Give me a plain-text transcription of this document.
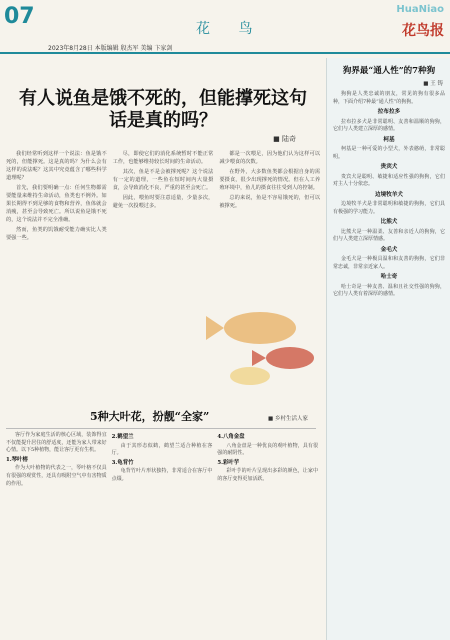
07
2023年8月28日 本版编辑 殷杰军 美编 卞家剑
花 鸟
HuaNiao
花鸟报
有人说鱼是饿不死的，但能撑死这句话是真的吗？
■ 陆奇

我们经常听到这样一个说法：鱼是饿不死的，但能撑死。这是真的吗？为什么会有这样的说法呢？这其中究竟蕴含了哪些科学道理呢？

首先，我们要明确一点：任何生物都需要能量来维持生命活动，鱼类也不例外。如果长期得不到足够的食物和营养，鱼体就会消瘦，甚至会导致死亡。所以说鱼是饿不死的，这个说法并不完全准确。

然而，鱼类的饥饿耐受能力确实比人类要强一些。

尽，即使它们的消化系统暂时不能正常工作，也能够维持较长时间的生命活动。

其次，鱼是不是会被撑死呢？这个说法有一定的道理，一些鱼在短时间内大量摄食，会导致消化不良，严重的甚至会死亡。

因此，喂鱼时要注意适量，少量多次，避免一次投喂过多。

都是一次喂足，因为他们认为这样可以减少喂食的次数。

在野外，大多数鱼类都会根据自身的需要摄食，很少出现撑死的情况。但在人工养殖环境中，鱼儿的摄食往往受到人的控制。

总的来说，鱼是不容易饿死的，但可以被撑死。

狗界最“通人性”的7种狗
■ 王 铸

狗狗是人类忠诚的朋友，常见的狗有很多品种，下面介绍7种最“通人性”的狗狗。

拉布拉多

拉布拉多犬是非常聪明、友善和温顺的狗狗，它们与人类建立深厚的感情。

柯基

柯基是一种可爱的小型犬，外表憨萌，非常聪明。

贵宾犬

贵宾犬是聪明、敏捷和适应性强的狗狗，它们对主人十分依恋。

边境牧羊犬

边境牧羊犬是非常聪明和敏捷的狗狗，它们具有极强的学习能力。

比熊犬

比熊犬是一种温柔、友善和亲近人的狗狗，它们与人类建立深厚情感。

金毛犬

金毛犬是一种极具温和和友善的狗狗，它们非常忠诚，非常亲近家人。

哈士奇

哈士奇是一种友善、温和且社交性强的狗狗，它们与人类有着深厚的感情。

5种大叶花，扮靓“全家”	■ 乡村生活人家

客厅作为家庭生活的核心区域，装饰得宜不仅能提升居住的舒适度，还能为家人带来好心情。以下5种植物，能让客厅更有生机。

1.琴叶榕

作为大叶植物的代表之一，琴叶榕不仅具有很强的观赏性，还具有吸附空气中有害物质的作用。

2.鹤望兰

由于其形态似鹤，鹤望兰适合种植在客厅。

3.龟背竹

龟背竹叶片形状独特，非常适合在客厅中点缀。

4.八角金盘

八角金盘是一种优良的观叶植物，具有很强的耐阴性。

5.彩叶芋

彩叶芋的叶片呈现出多彩的颜色，让家中的客厅变得更加活跃。
